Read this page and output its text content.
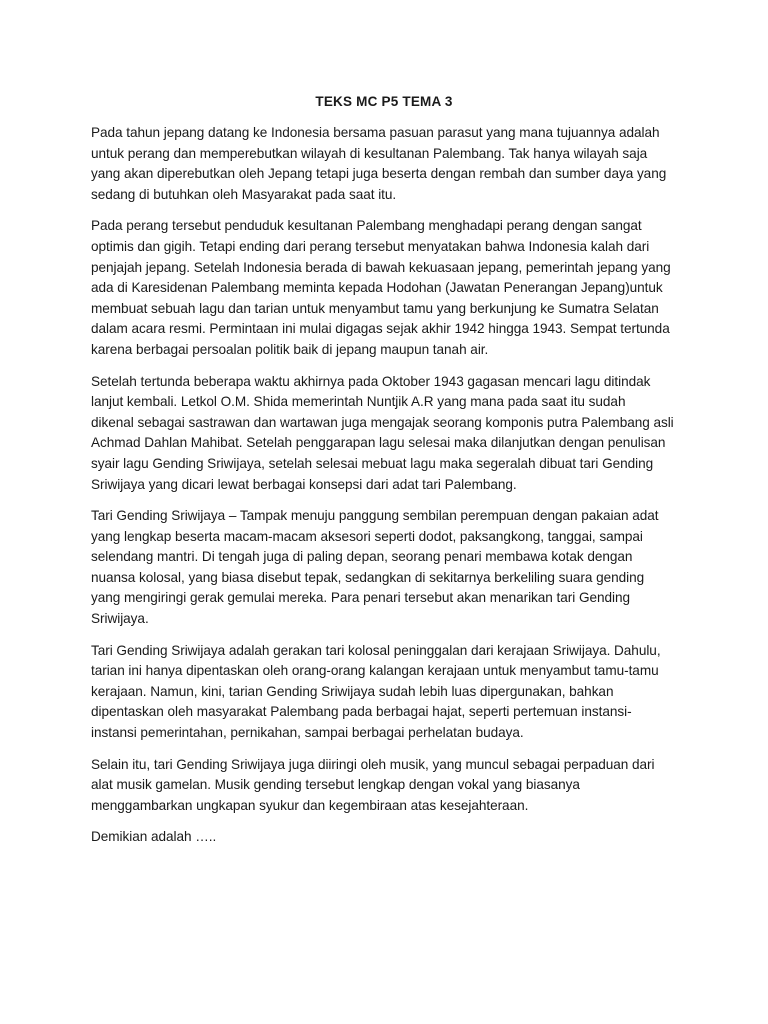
TEKS MC P5 TEMA 3

Pada tahun jepang datang ke Indonesia bersama pasuan parasut yang mana tujuannya adalah
untuk perang dan memperebutkan wilayah di kesultanan Palembang. Tak hanya wilayah saja
yang akan diperebutkan oleh Jepang tetapi juga beserta dengan rembah dan sumber daya yang
sedang di butuhkan oleh Masyarakat pada saat itu.

Pada perang tersebut penduduk kesultanan Palembang menghadapi perang dengan sangat
optimis dan gigih. Tetapi ending dari perang tersebut menyatakan bahwa Indonesia kalah dari
penjajah jepang. Setelah Indonesia berada di bawah kekuasaan jepang, pemerintah jepang yang
ada di Karesidenan Palembang meminta kepada Hodohan (Jawatan Penerangan Jepang)untuk
membuat sebuah lagu dan tarian untuk menyambut tamu yang berkunjung ke Sumatra Selatan
dalam acara resmi. Permintaan ini mulai digagas sejak akhir 1942 hingga 1943. Sempat tertunda
karena berbagai persoalan politik baik di jepang maupun tanah air.

Setelah tertunda beberapa waktu akhirnya pada Oktober 1943 gagasan mencari lagu ditindak
lanjut kembali. Letkol O.M. Shida memerintah Nuntjik A.R yang mana pada saat itu sudah
dikenal sebagai sastrawan dan wartawan juga mengajak seorang komponis putra Palembang asli
Achmad Dahlan Mahibat. Setelah penggarapan lagu selesai maka dilanjutkan dengan penulisan
syair lagu Gending Sriwijaya, setelah selesai mebuat lagu maka segeralah dibuat tari Gending
Sriwijaya yang dicari lewat berbagai konsepsi dari adat tari Palembang.

Tari Gending Sriwijaya – Tampak menuju panggung sembilan perempuan dengan pakaian adat
yang lengkap beserta macam-macam aksesori seperti dodot, paksangkong, tanggai, sampai
selendang mantri. Di tengah juga di paling depan, seorang penari membawa kotak dengan
nuansa kolosal, yang biasa disebut tepak, sedangkan di sekitarnya berkeliling suara gending
yang mengiringi gerak gemulai mereka. Para penari tersebut akan menarikan tari Gending
Sriwijaya.

Tari Gending Sriwijaya adalah gerakan tari kolosal peninggalan dari kerajaan Sriwijaya. Dahulu,
tarian ini hanya dipentaskan oleh orang-orang kalangan kerajaan untuk menyambut tamu-tamu
kerajaan. Namun, kini, tarian Gending Sriwijaya sudah lebih luas dipergunakan, bahkan
dipentaskan oleh masyarakat Palembang pada berbagai hajat, seperti pertemuan instansi-
instansi pemerintahan, pernikahan, sampai berbagai perhelatan budaya.

Selain itu, tari Gending Sriwijaya juga diiringi oleh musik, yang muncul sebagai perpaduan dari
alat musik gamelan. Musik gending tersebut lengkap dengan vokal yang biasanya
menggambarkan ungkapan syukur dan kegembiraan atas kesejahteraan.

Demikian adalah …..
